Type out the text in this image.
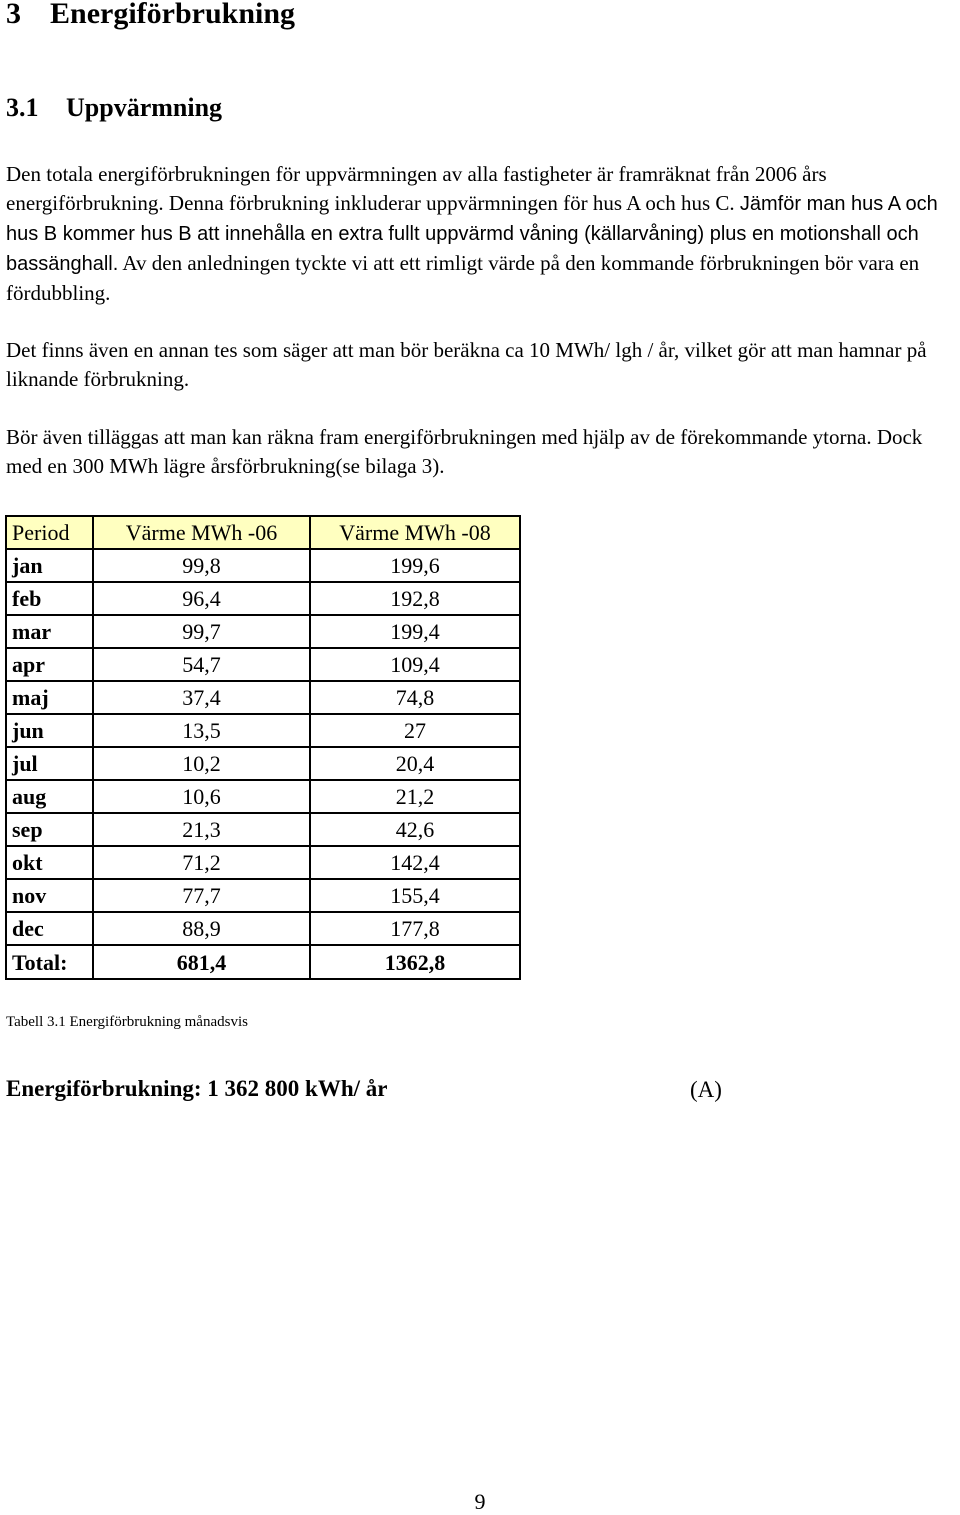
3 Energiförbrukning
3.1 Uppvärmning

Den totala energiförbrukningen för uppvärmningen av alla fastigheter är framräknat från 2006 års energiförbrukning. Denna förbrukning inkluderar uppvärmningen för hus A och hus C. Jämför man hus A och hus B kommer hus B att innehålla en extra fullt uppvärmd våning (källarvåning) plus en motionshall och bassänghall. Av den anledningen tyckte vi att ett rimligt värde på den kommande förbrukningen bör vara en fördubbling.

Det finns även en annan tes som säger att man bör beräkna ca 10 MWh/ lgh / år, vilket gör att man hamnar på liknande förbrukning.

Bör även tilläggas att man kan räkna fram energiförbrukningen med hjälp av de förekommande ytorna. Dock med en 300 MWh lägre årsförbrukning(se bilaga 3).

Period	Värme MWh -06	Värme MWh -08
jan	99,8	199,6
feb	96,4	192,8
mar	99,7	199,4
apr	54,7	109,4
maj	37,4	74,8
jun	13,5	27
jul	10,2	20,4
aug	10,6	21,2
sep	21,3	42,6
okt	71,2	142,4
nov	77,7	155,4
dec	88,9	177,8
Total:	681,4	1362,8

Tabell 3.1 Energiförbrukning månadsvis

Energiförbrukning: 1 362 800 kWh/ år	(A)

9
